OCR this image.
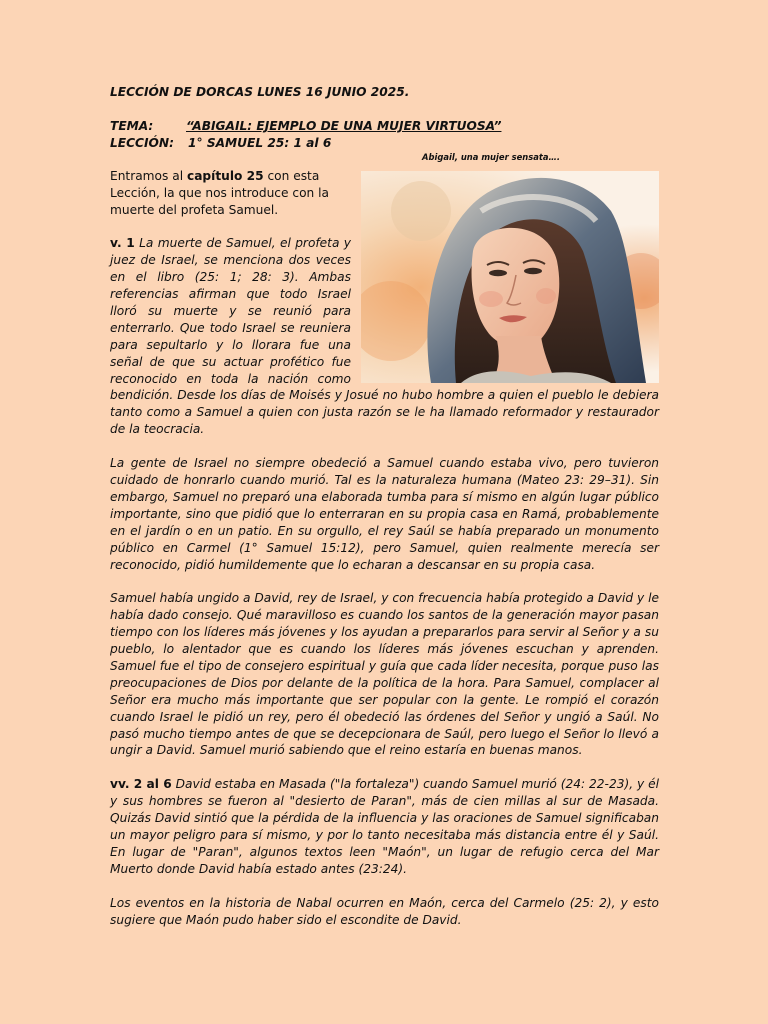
LECCIÓN DE DORCAS LUNES 16 JUNIO 2025.

TEMA:	“ABIGAIL: EJEMPLO DE UNA MUJER VIRTUOSA”
LECCIÓN:	1° SAMUEL 25: 1 al 6
Abigail, una mujer sensata….

Entramos al capítulo 25 con esta Lección, la que nos introduce con la muerte del profeta Samuel.

v. 1 La muerte de Samuel, el profeta y juez de Israel, se menciona dos veces en el libro (25: 1; 28: 3). Ambas referencias afirman que todo Israel lloró su muerte y se reunió para enterrarlo. Que todo Israel se reuniera para sepultarlo y lo llorara fue una señal de que su actuar profético fue reconocido en toda la nación como bendición. Desde los días de Moisés y Josué no hubo hombre a quien el pueblo le debiera tanto como a Samuel a quien con justa razón se le ha llamado reformador y restaurador de la teocracia.

La gente de Israel no siempre obedeció a Samuel cuando estaba vivo, pero tuvieron cuidado de honrarlo cuando murió. Tal es la naturaleza humana (Mateo 23: 29–31). Sin embargo, Samuel no preparó una elaborada tumba para sí mismo en algún lugar público importante, sino que pidió que lo enterraran en su propia casa en Ramá, probablemente en el jardín o en un patio. En su orgullo, el rey Saúl se había preparado un monumento público en Carmel (1° Samuel 15:12), pero Samuel, quien realmente merecía ser reconocido, pidió humildemente que lo echaran a descansar en su propia casa.

Samuel había ungido a David, rey de Israel, y con frecuencia había protegido a David y le había dado consejo. Qué maravilloso es cuando los santos de la generación mayor pasan tiempo con los líderes más jóvenes y los ayudan a prepararlos para servir al Señor y a su pueblo, lo alentador que es cuando los líderes más jóvenes escuchan y aprenden. Samuel fue el tipo de consejero espiritual y guía que cada líder necesita, porque puso las preocupaciones de Dios por delante de la política de la hora. Para Samuel, complacer al Señor era mucho más importante que ser popular con la gente. Le rompió el corazón cuando Israel le pidió un rey, pero él obedeció las órdenes del Señor y ungió a Saúl. No pasó mucho tiempo antes de que se decepcionara de Saúl, pero luego el Señor lo llevó a ungir a David. Samuel murió sabiendo que el reino estaría en buenas manos.

vv. 2 al 6 David estaba en Masada ("la fortaleza") cuando Samuel murió (24: 22-23), y él y sus hombres se fueron al "desierto de Paran", más de cien millas al sur de Masada. Quizás David sintió que la pérdida de la influencia y las oraciones de Samuel significaban un mayor peligro para sí mismo, y por lo tanto necesitaba más distancia entre él y Saúl. En lugar de "Paran", algunos textos leen "Maón", un lugar de refugio cerca del Mar Muerto donde David había estado antes (23:24).

Los eventos en la historia de Nabal ocurren en Maón, cerca del Carmelo (25: 2), y esto sugiere que Maón pudo haber sido el escondite de David.
